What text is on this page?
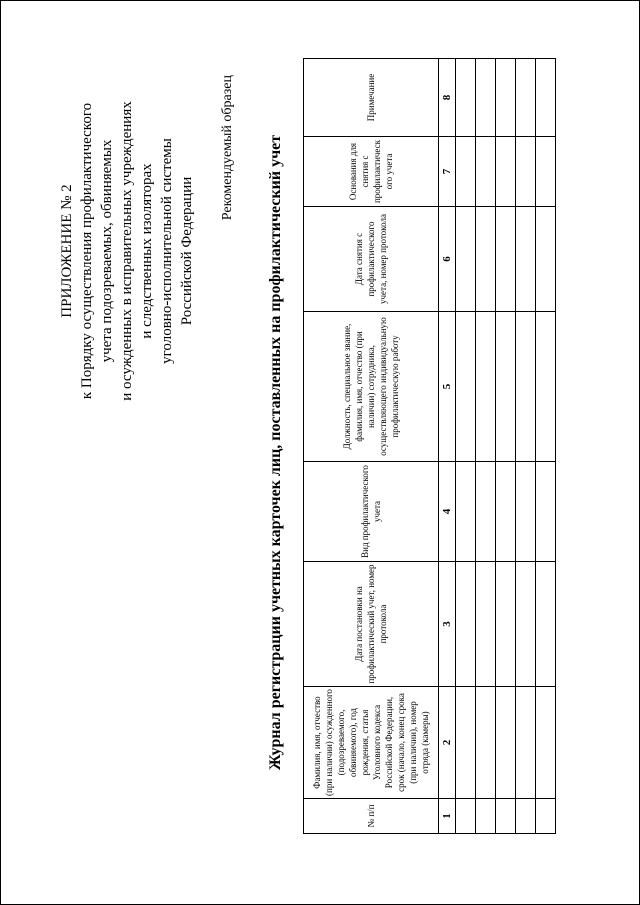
ПРИЛОЖЕНИЕ № 2 к Порядку осуществления профилактического учета подозреваемых, обвиняемых и осужденных в исправительных учреждениях и следственных изоляторах уголовно-исполнительной системы Российской Федерации
Рекомендуемый образец Журнал регистрации учетных карточек лиц, поставленных на профилактический учет
№ п/п	Фамилия, имя, отчество (при наличии) осужденного (подозреваемого, обвиняемого), год рождения, статья Уголовного кодекса Российской Федерации, срок (начало, конец срока (при наличии), номер отряда (камеры)	Дата постановки на профилактический учет, номер протокола	Вид профилактического учета	Должность, специальное звание, фамилия, имя, отчество (при наличии) сотрудника, осуществляющего индивидуальную профилактическую работу	Дата снятия с профилактического учета, номер протокола	Основания для снятия с профилактического учета	Примечание
1	2	3	4	5	6	7	8
